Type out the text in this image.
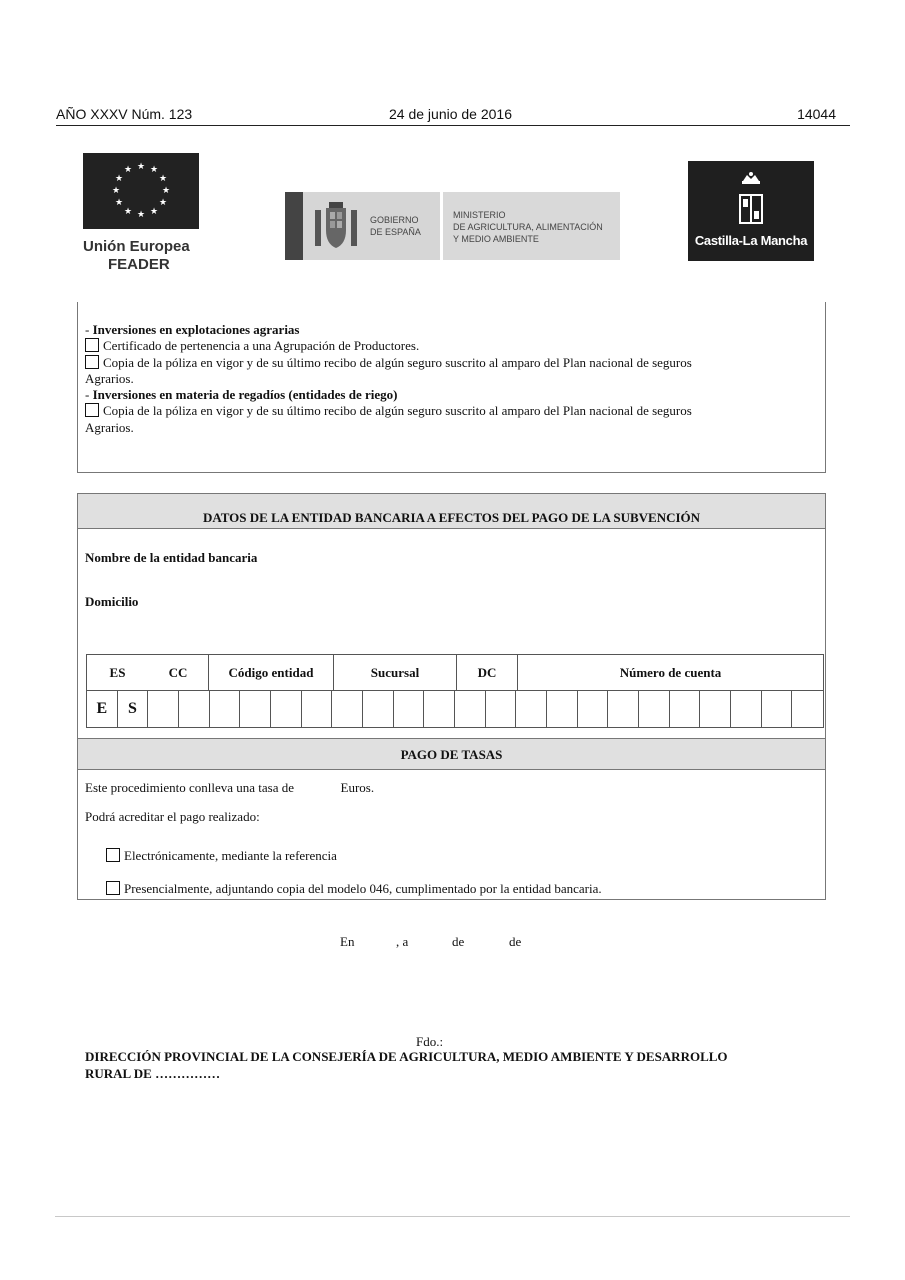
AÑO XXXV Núm. 123	24 de junio de 2016	14044
★ ★
★
★
★
★
★
★
★
★
★
★
Unión Europea
FEADER
GOBIERNO
DE ESPAÑA
MINISTERIO
DE AGRICULTURA, ALIMENTACIÓN
Y MEDIO AMBIENTE	Castilla-La Mancha
- Inversiones en explotaciones agrarias
Certificado de pertenencia a una Agrupación de Productores.
Copia de la póliza en vigor y de su último recibo de algún seguro suscrito al amparo del Plan nacional de seguros
Agrarios.
- Inversiones en materia de regadíos (entidades de riego)
Copia de la póliza en vigor y de su último recibo de algún seguro suscrito al amparo del Plan nacional de seguros
Agrarios.
DATOS DE LA ENTIDAD BANCARIA A EFECTOS DEL PAGO DE LA SUBVENCIÓN
Nombre de la entidad bancaria
Domicilio
PAGO DE TASAS
ES	CC	Código entidad	Sucursal	DC	Número de cuenta
E	S
Este procedimiento conlleva una tasa de	Euros.
Podrá acreditar el pago realizado:
Electrónicamente, mediante la referencia
Presencialmente, adjuntando copia del modelo 046, cumplimentado por la entidad bancaria.
En	, a	de	de
Fdo.:
DIRECCIÓN PROVINCIAL DE LA CONSEJERÍA DE AGRICULTURA, MEDIO AMBIENTE Y DESARROLLO
RURAL DE ……………
